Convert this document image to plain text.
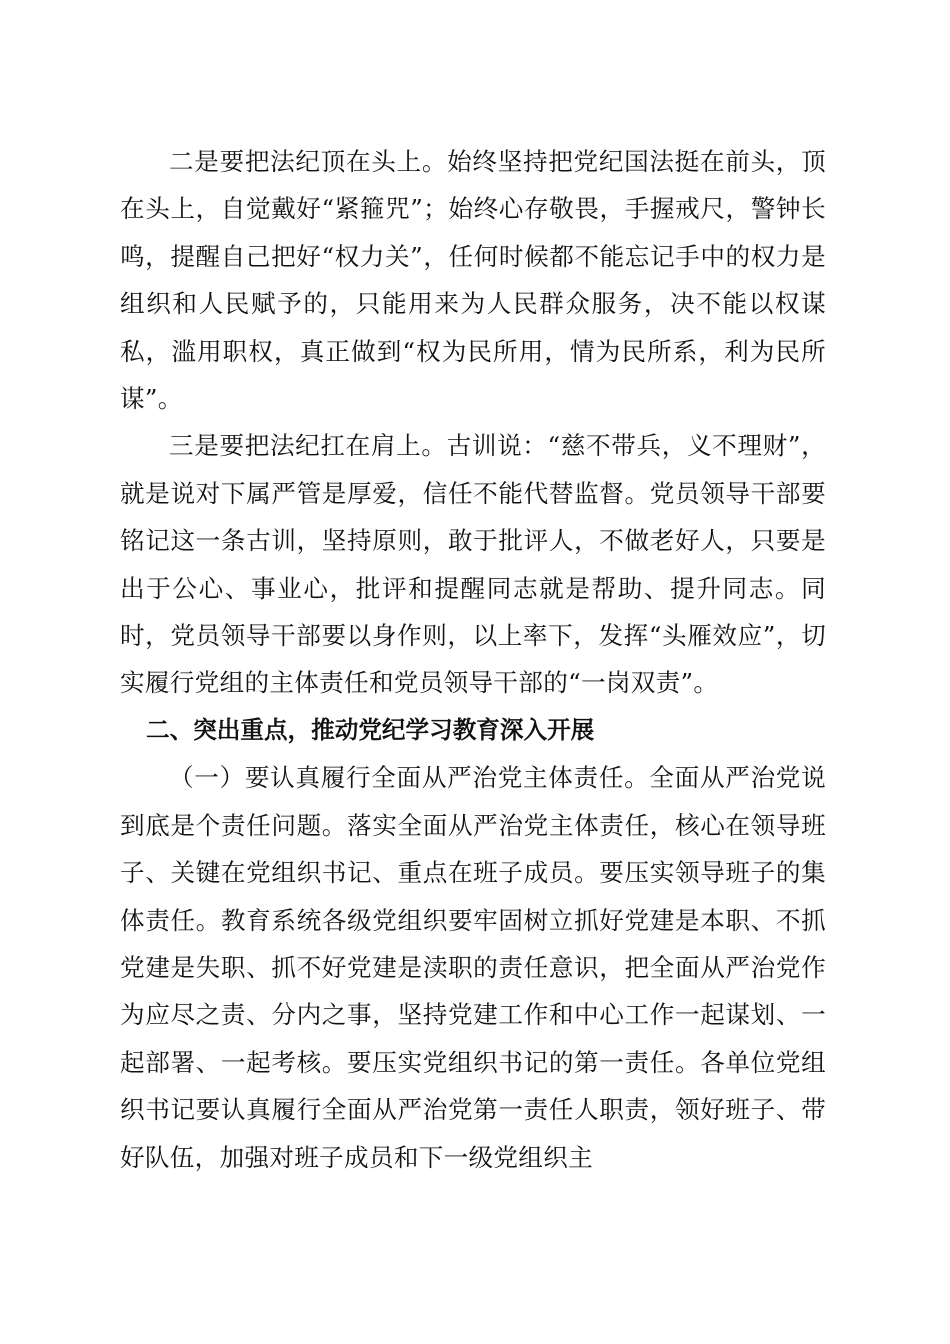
二是要把法纪顶在头上。始终坚持把党纪国法挺在前头，顶在头上，自觉戴好“紧箍咒”；始终心存敬畏，手握戒尺，警钟长鸣，提醒自己把好“权力关”，任何时候都不能忘记手中的权力是组织和人民赋予的，只能用来为人民群众服务，决不能以权谋私，滥用职权，真正做到“权为民所用，情为民所系，利为民所谋”。

三是要把法纪扛在肩上。古训说：“慈不带兵，义不理财”，就是说对下属严管是厚爱，信任不能代替监督。党员领导干部要铭记这一条古训，坚持原则，敢于批评人，不做老好人，只要是出于公心、事业心，批评和提醒同志就是帮助、提升同志。同时，党员领导干部要以身作则，以上率下，发挥“头雁效应”，切实履行党组的主体责任和党员领导干部的“一岗双责”。

二、突出重点，推动党纪学习教育深入开展

（一）要认真履行全面从严治党主体责任。全面从严治党说到底是个责任问题。落实全面从严治党主体责任，核心在领导班子、关键在党组织书记、重点在班子成员。要压实领导班子的集体责任。教育系统各级党组织要牢固树立抓好党建是本职、不抓党建是失职、抓不好党建是渎职的责任意识，把全面从严治党作为应尽之责、分内之事，坚持党建工作和中心工作一起谋划、一起部署、一起考核。要压实党组织书记的第一责任。各单位党组织书记要认真履行全面从严治党第一责任人职责，领好班子、带好队伍，加强对班子成员和下一级党组织主
